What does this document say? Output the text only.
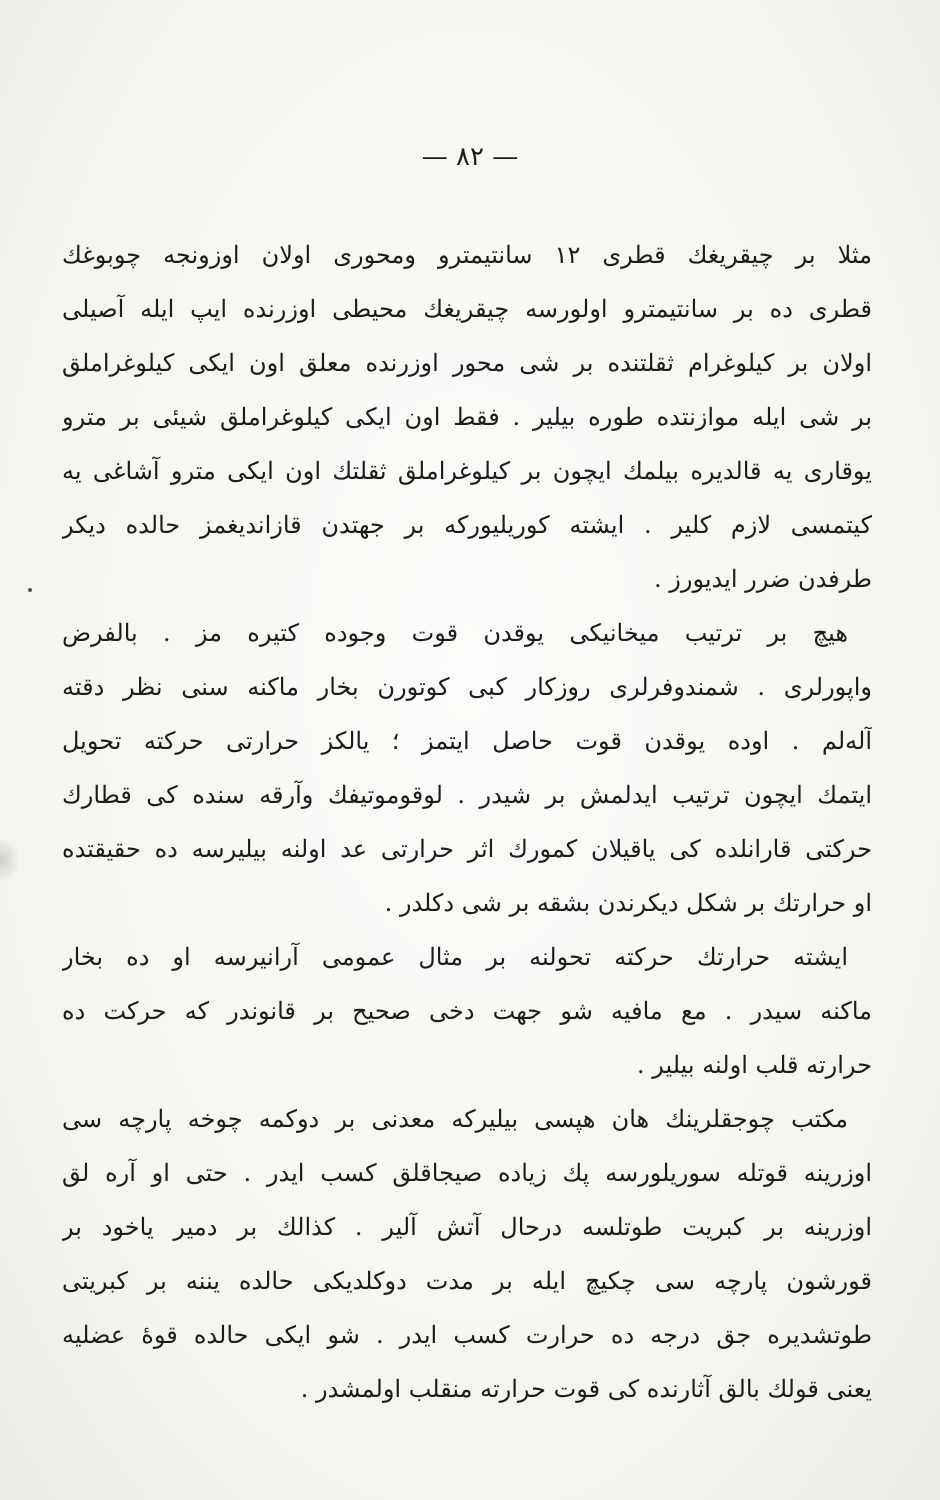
— ٨٢ —
مثلا بر چیقریغك قطری ۱۲ سانتیمترو ومحوری اولان اوزونجه چوبوغك
قطری ده بر سانتیمترو اولورسه چیقریغك محیطی اوزرنده ایپ ایله آصیلی
اولان بر کیلوغرام ثقلتنده بر شی محور اوزرنده معلق اون ایکی کیلوغراملق
بر شی ایله موازنتده طوره بیلیر . فقط اون ایکی کیلوغراملق شیئی بر مترو
یوقاری یه قالدیره بیلمك ایچون بر کیلوغراملق ثقلتك اون ایکی مترو آشاغی یه
کیتمسی لازم کلیر . ایشته کوریلیورکه بر جهتدن قازاندیغمز حالده دیکر
طرفدن ضرر ایدیورز .
هیچ بر ترتیب میخانیکی یوقدن قوت وجوده کتیره مز . بالفرض
واپورلری . شمندوفرلری روزکار کبی کوتورن بخار ماکنه سنی نظر دقته
آلەلم . اوده یوقدن قوت حاصل ایتمز ؛ یالکز حرارتی حرکته تحویل
ایتمك ایچون ترتیب ایدلمش بر شیدر . لوقوموتیفك وآرقه سنده کی قطارك
حرکتی قارانلده کی یاقیلان کمورك اثر حرارتی عد اولنه بیلیرسه ده حقیقتده
او حرارتك بر شکل دیکرندن بشقه بر شی دکلدر .
ایشته حرارتك حرکته تحولنه بر مثال عمومی آرانیرسه او ده بخار
ماکنه سیدر . مع مافیه شو جهت دخی صحیح بر قانوندر که حرکت ده
حرارته قلب اولنه بیلیر .
مکتب چوجقلرینك هان هپسی بیلیرکه معدنی بر دوکمه چوخه پارچه سی
اوزرینه قوتله سوریلورسه پك زیاده صیجاقلق کسب ایدر . حتی او آره لق
اوزرینه بر کبریت طوتلسه درحال آتش آلیر . کذالك بر دمیر یاخود بر
قورشون پارچه سی چکیچ ایله بر مدت دوکلدیکی حالده یننه بر کبریتی
طوتشدیره جق درجه ده حرارت کسب ایدر . شو ایکی حالده قوهٔ عضلیه
یعنی قولك بالق آثارنده کی قوت حرارته منقلب اولمشدر .
